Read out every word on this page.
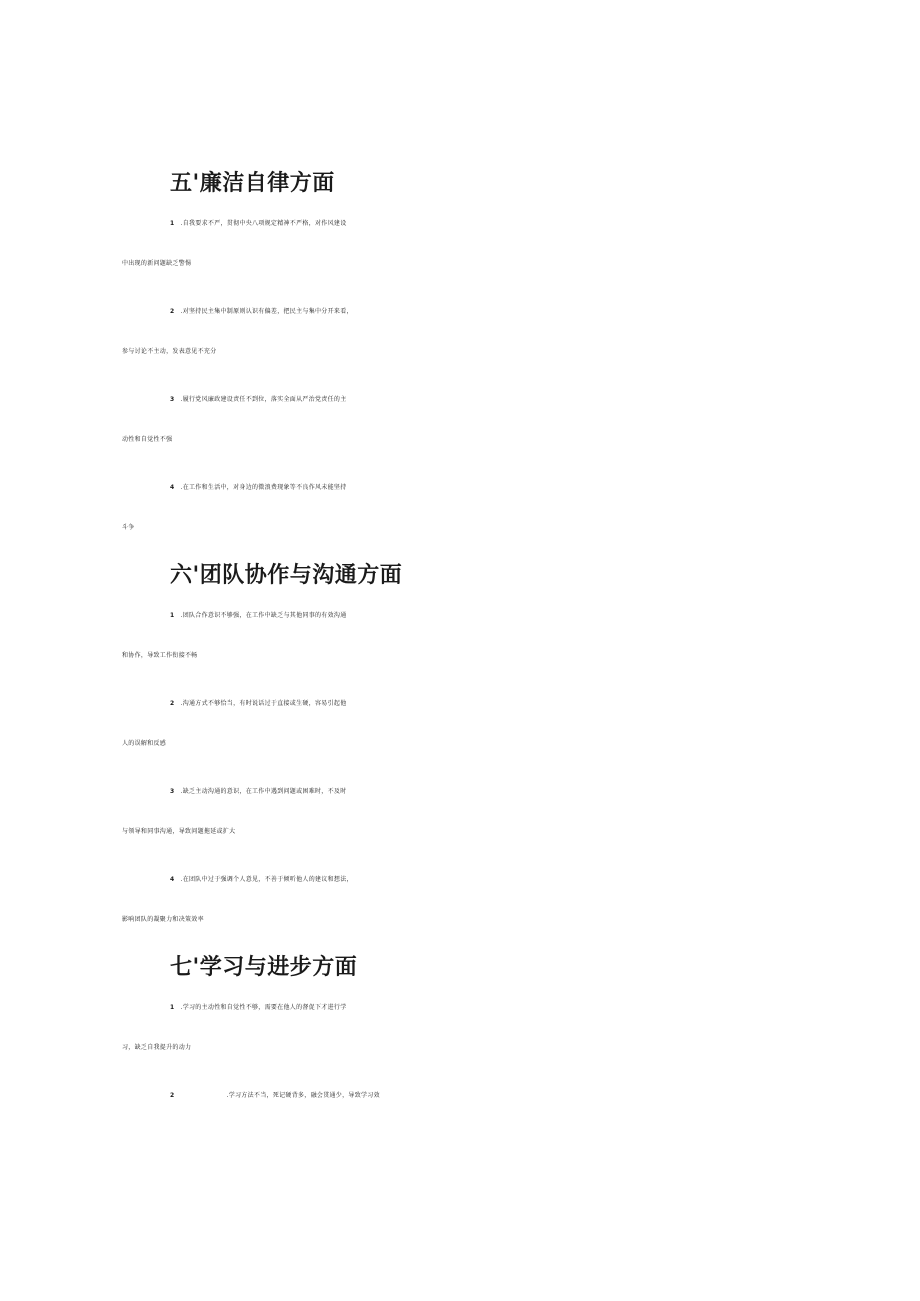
五'廉洁自律方面
1 .自我要求不严，贯彻中央八项规定精神不严格，对作风建设
中出现的新问题缺乏警惕
2 .对坚持民主集中制原则认识有偏差，把民主与集中分开来看，
参与讨论不主动，发表意见不充分
3 .履行党风廉政建设责任不到位，落实全面从严治党责任的主
动性和自觉性不强
4 .在工作和生活中，对身边的微浪费现象等不良作风未能坚持
斗争
六'团队协作与沟通方面
1 .团队合作意识不够强，在工作中缺乏与其他同事的有效沟通
和协作，导致工作衔接不畅
2 .沟通方式不够恰当，有时说话过于直接或生硬，容易引起他
人的误解和反感
3 .缺乏主动沟通的意识，在工作中遇到问题或困难时，不及时
与领导和同事沟通，导致问题拖延或扩大
4 .在团队中过于强调个人意见，不善于倾听他人的建议和想法，
影响团队的凝聚力和决策效率
七'学习与进步方面
1 .学习的主动性和自觉性不够，需要在他人的督促下才进行学
习，缺乏自我提升的动力
2	.学习方法不当，死记硬背多，融会贯通少，导致学习效
